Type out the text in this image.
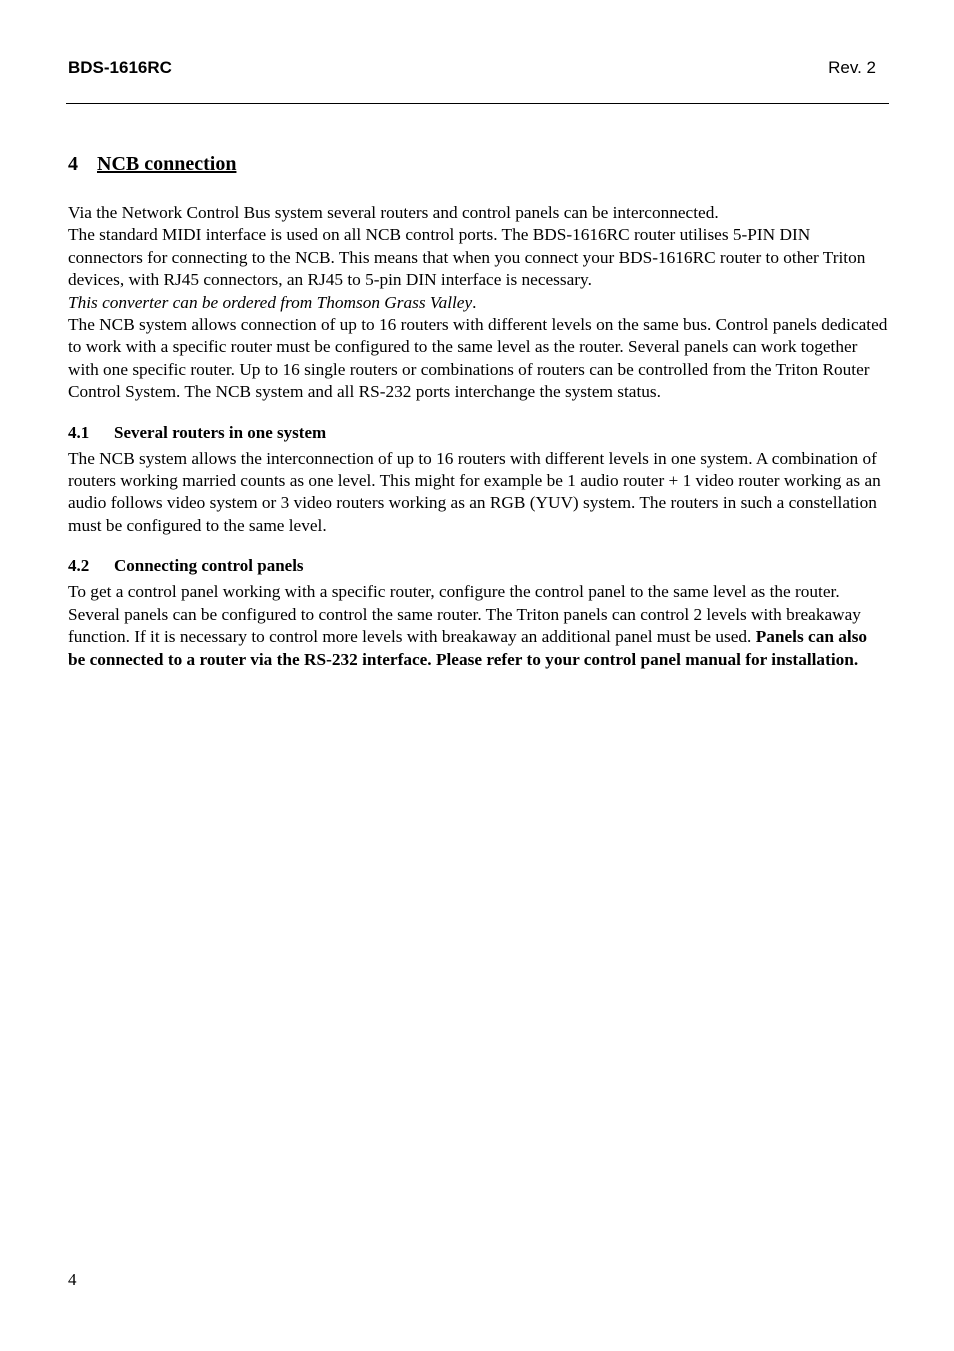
BDS-1616RC	Rev. 2
4 NCB connection

Via the Network Control Bus system several routers and control panels can be interconnected.

The standard MIDI interface is used on all NCB control ports. The BDS-1616RC router utilises 5-PIN DIN connectors for connecting to the NCB. This means that when you connect your BDS-1616RC router to other Triton devices, with RJ45 connectors, an RJ45 to 5-pin DIN interface is necessary.

This converter can be ordered from Thomson Grass Valley.

The NCB system allows connection of up to 16 routers with different levels on the same bus. Control panels dedicated to work with a specific router must be configured to the same level as the router. Several panels can work together with one specific router. Up to 16 single routers or combinations of routers can be controlled from the Triton Router Control System. The NCB system and all RS-232 ports interchange the system status.

4.1 Several routers in one system

The NCB system allows the interconnection of up to 16 routers with different levels in one system. A combination of routers working married counts as one level. This might for example be 1 audio router + 1 video router working as an audio follows video system or 3 video routers working as an RGB (YUV) system. The routers in such a constellation must be configured to the same level.

4.2 Connecting control panels

To get a control panel working with a specific router, configure the control panel to the same level as the router. Several panels can be configured to control the same router. The Triton panels can control 2 levels with breakaway function. If it is necessary to control more levels with breakaway an additional panel must be used. Panels can also be connected to a router via the RS-232 interface. Please refer to your control panel manual for installation.

4
